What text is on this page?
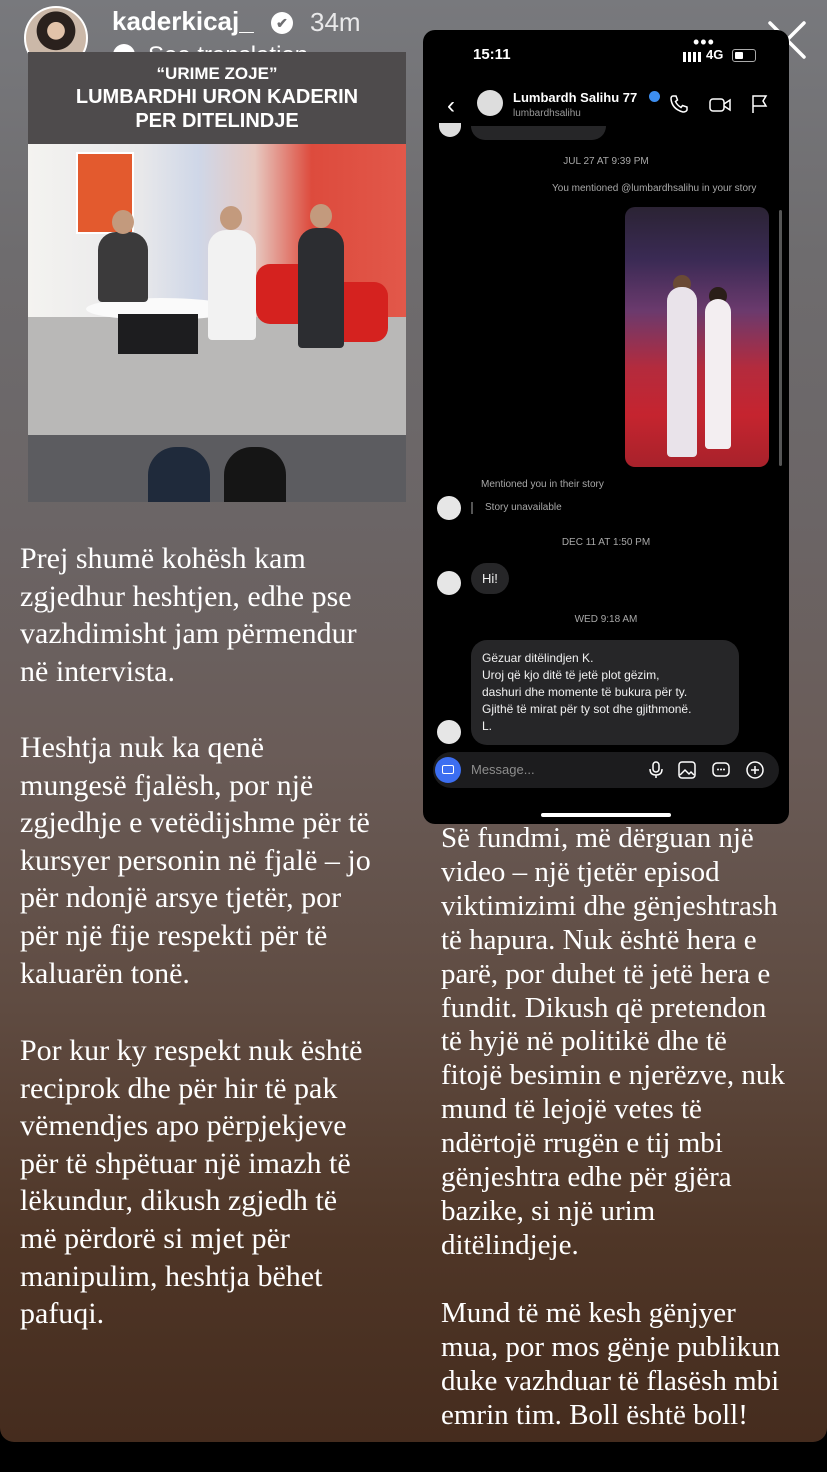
kaderkicaj_	✔ 34m
“URIME ZOJE”
LUMBARDHI URON KADERIN
PER DITELINDJE
15:11
•••
4G
‹	Lumbardh Salihu 77
lumbardhsalihu
JUL 27 AT 9:39 PM
You mentioned @lumbardhsalihu in your story
Mentioned you in their story
Story unavailable
DEC 11 AT 1:50 PM
Hi!
WED 9:18 AM
Gëzuar ditëlindjen K.
Uroj që kjo ditë të jetë plot gëzim,
dashuri dhe momente të bukura për ty.
Gjithë të mirat për ty sot dhe gjithmonë.
L.
Message...
Prej shumë kohësh kam
zgjedhur heshtjen, edhe pse
vazhdimisht jam përmendur
në intervista.
Heshtja nuk ka qenë
mungesë fjalësh, por një
zgjedhje e vetëdijshme për të
kursyer personin në fjalë – jo
për ndonjë arsye tjetër, por
për një fije respekti për të
kaluarën tonë.
Por kur ky respekt nuk është
reciprok dhe për hir të pak
vëmendjes apo përpjekjeve
për të shpëtuar një imazh të
lëkundur, dikush zgjedh të
më përdorë si mjet për
manipulim, heshtja bëhet
pafuqi.
Së fundmi, më dërguan një
video – një tjetër episod
viktimizimi dhe gënjeshtrash
të hapura. Nuk është hera e
parë, por duhet të jetë hera e
fundit. Dikush që pretendon
të hyjë në politikë dhe të
fitojë besimin e njerëzve, nuk
mund të lejojë vetes të
ndërtojë rrugën e tij mbi
gënjeshtra edhe për gjëra
bazike, si një urim
ditëlindjeje.
Mund të më kesh gënjyer
mua, por mos gënje publikun
duke vazhduar të flasësh mbi
emrin tim. Boll është boll!
